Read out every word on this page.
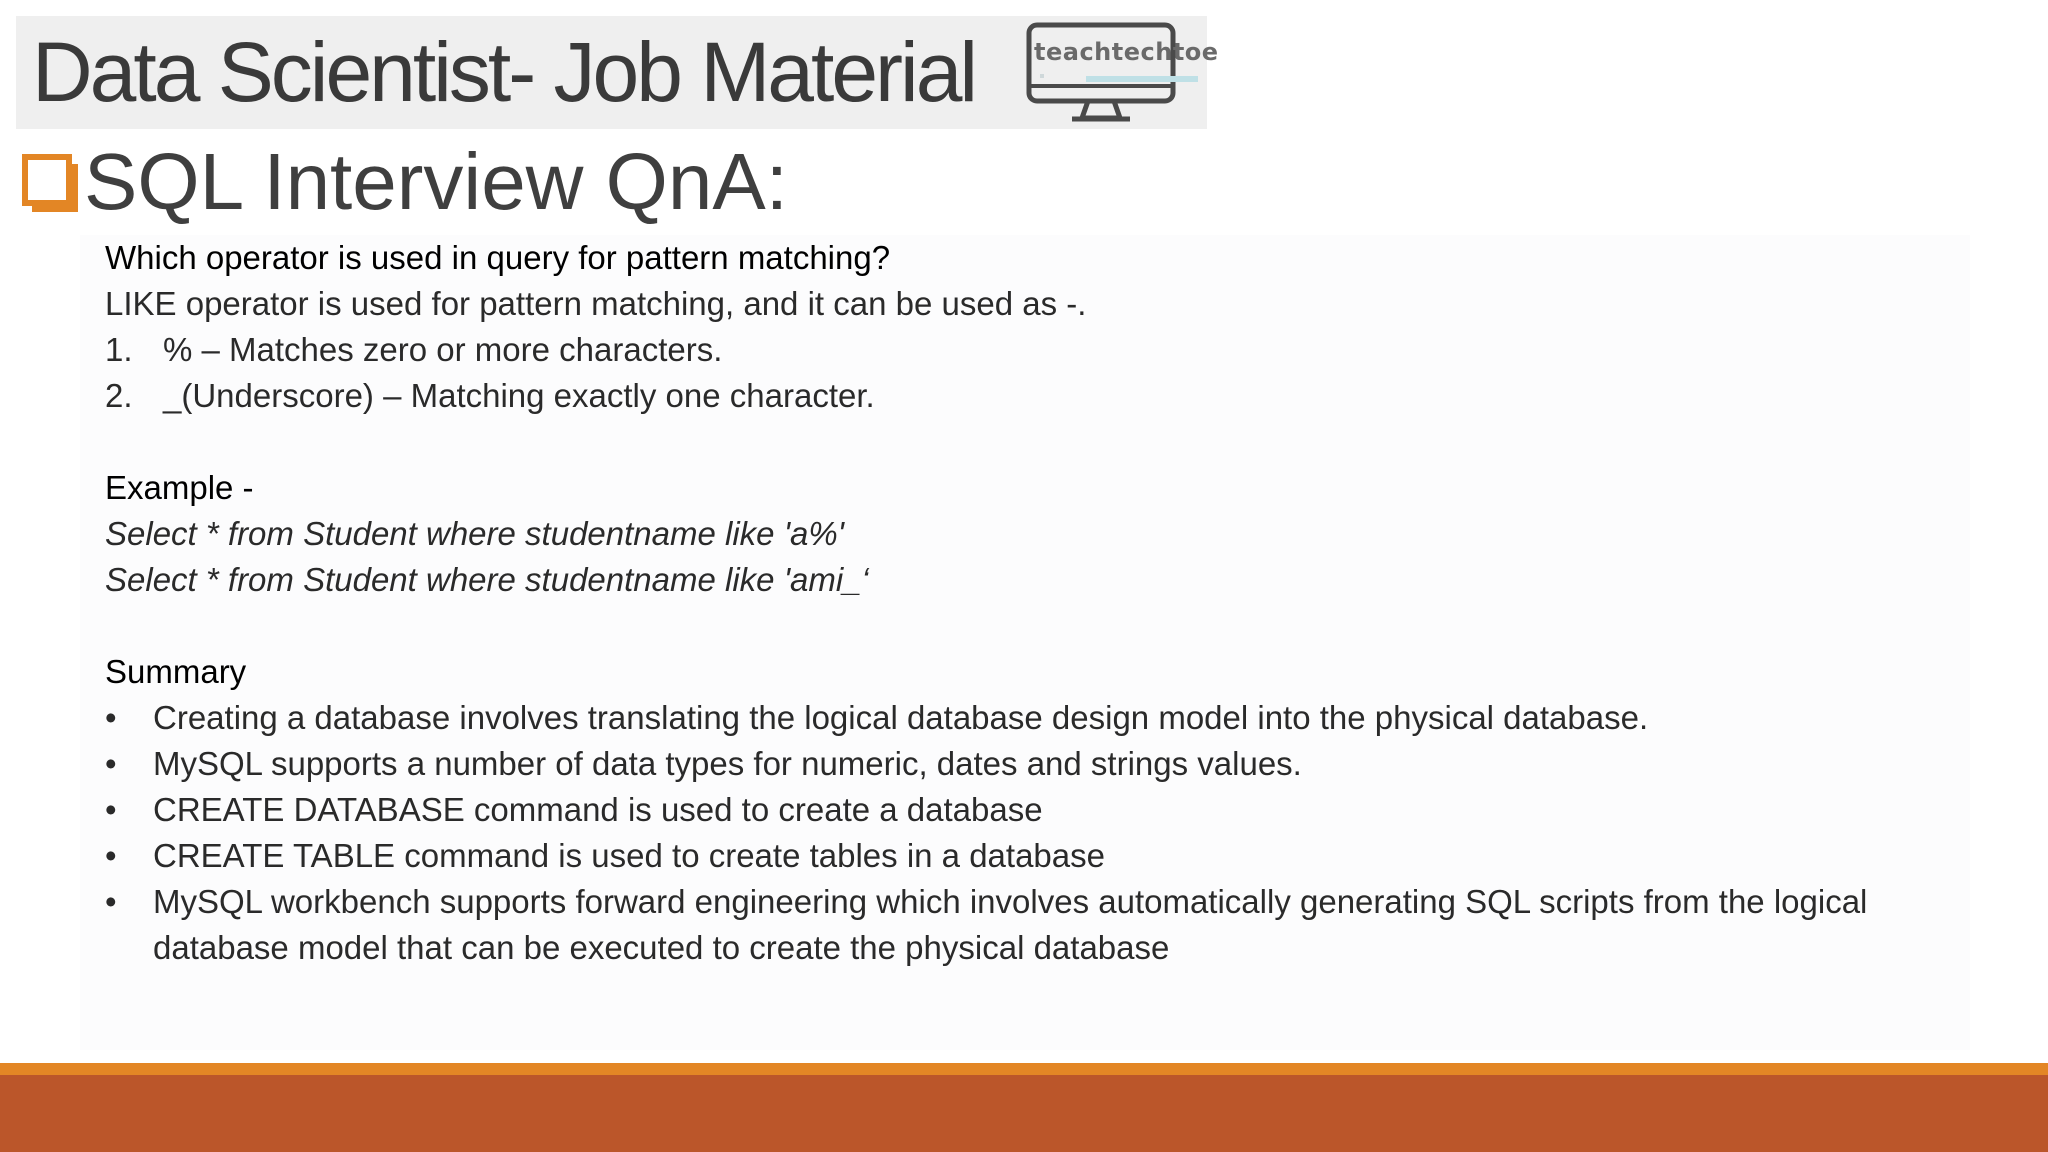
Data Scientist- Job Material teachtechtoe
SQL Interview QnA:
Which operator is used in query for pattern matching?
LIKE operator is used for pattern matching, and it can be used as -.
1. % – Matches zero or more characters.
2. _(Underscore) – Matching exactly one character.
Example -
Select * from Student where studentname like 'a%'
Select * from Student where studentname like 'ami_‘
Summary
•	Creating a database involves translating the logical database design model into the physical database.
•	MySQL supports a number of data types for numeric, dates and strings values.
•	CREATE DATABASE command is used to create a database
•	CREATE TABLE command is used to create tables in a database
•	MySQL workbench supports forward engineering which involves automatically generating SQL scripts from the logical database model that can be executed to create the physical database
